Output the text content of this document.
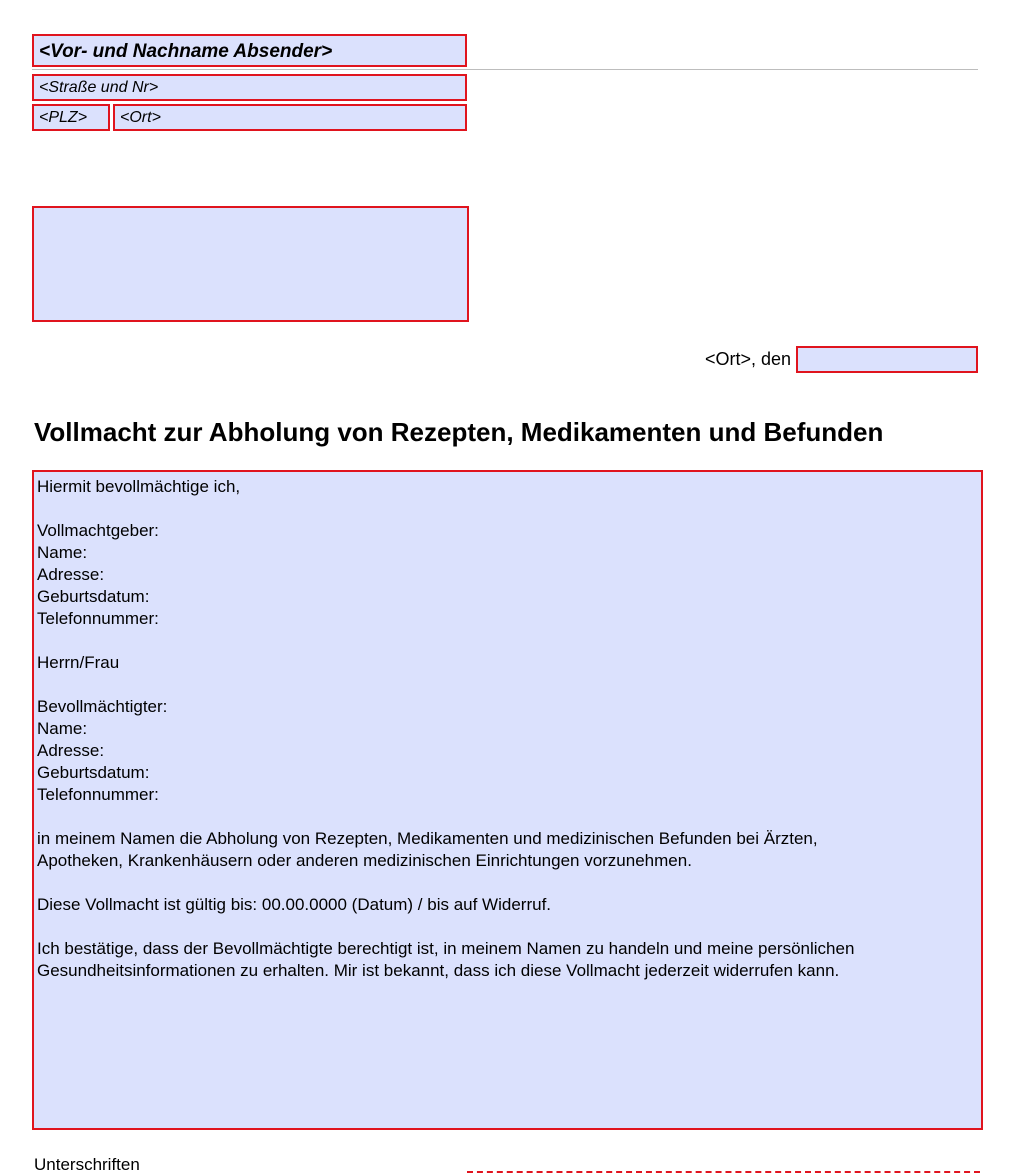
<Vor- und Nachname Absender>
<Straße und Nr>
<PLZ>	<Ort>
<Ort>, den
Vollmacht zur Abholung von Rezepten, Medikamenten und Befunden

Hiermit bevollmächtige ich,

Vollmachtgeber:
Name:
Adresse:
Geburtsdatum:
Telefonnummer:

Herrn/Frau

Bevollmächtigter:
Name:
Adresse:
Geburtsdatum:
Telefonnummer:

in meinem Namen die Abholung von Rezepten, Medikamenten und medizinischen Befunden bei Ärzten,
Apotheken, Krankenhäusern oder anderen medizinischen Einrichtungen vorzunehmen.

Diese Vollmacht ist gültig bis: 00.00.0000 (Datum) / bis auf Widerruf.

Ich bestätige, dass der Bevollmächtigte berechtigt ist, in meinem Namen zu handeln und meine persönlichen
Gesundheitsinformationen zu erhalten. Mir ist bekannt, dass ich diese Vollmacht jederzeit widerrufen kann.

Unterschriften
